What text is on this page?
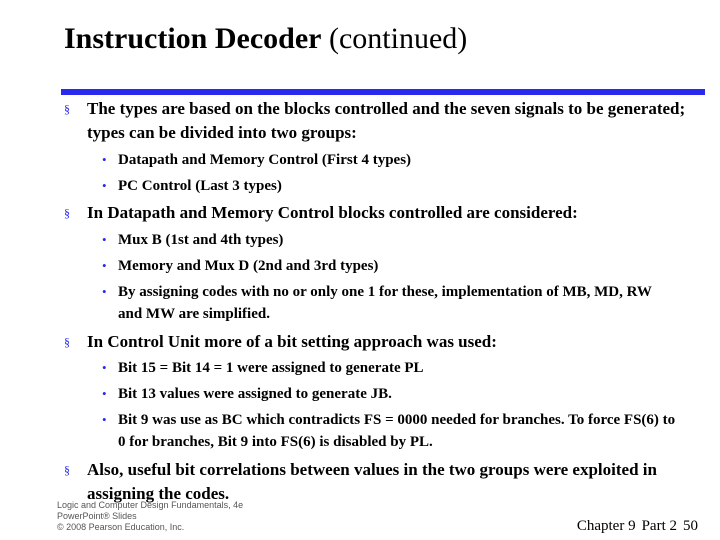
Instruction Decoder (continued)
§ The types are based on the blocks controlled and the seven signals to be generated; types can be divided into two groups:
• Datapath and Memory Control (First 4 types)
• PC Control (Last 3 types)
§ In Datapath and Memory Control blocks controlled are considered:
• Mux B (1st and 4th types)
• Memory and Mux D (2nd and 3rd types)
• By assigning codes with no or only one 1 for these, implementation of MB, MD, RW and MW are simplified.
§ In Control Unit more of a bit setting approach was used:
• Bit 15 = Bit 14 = 1 were assigned to generate PL
• Bit 13 values were assigned to generate JB.
• Bit 9 was use as BC which contradicts FS = 0000 needed for branches. To force FS(6) to 0 for branches, Bit 9 into FS(6) is disabled by PL.
§ Also, useful bit correlations between values in the two groups were exploited in assigning the codes.
Logic and Computer Design Fundamentals, 4e
PowerPoint® Slides
© 2008 Pearson Education, Inc.	Chapter 9 Part 2 50
